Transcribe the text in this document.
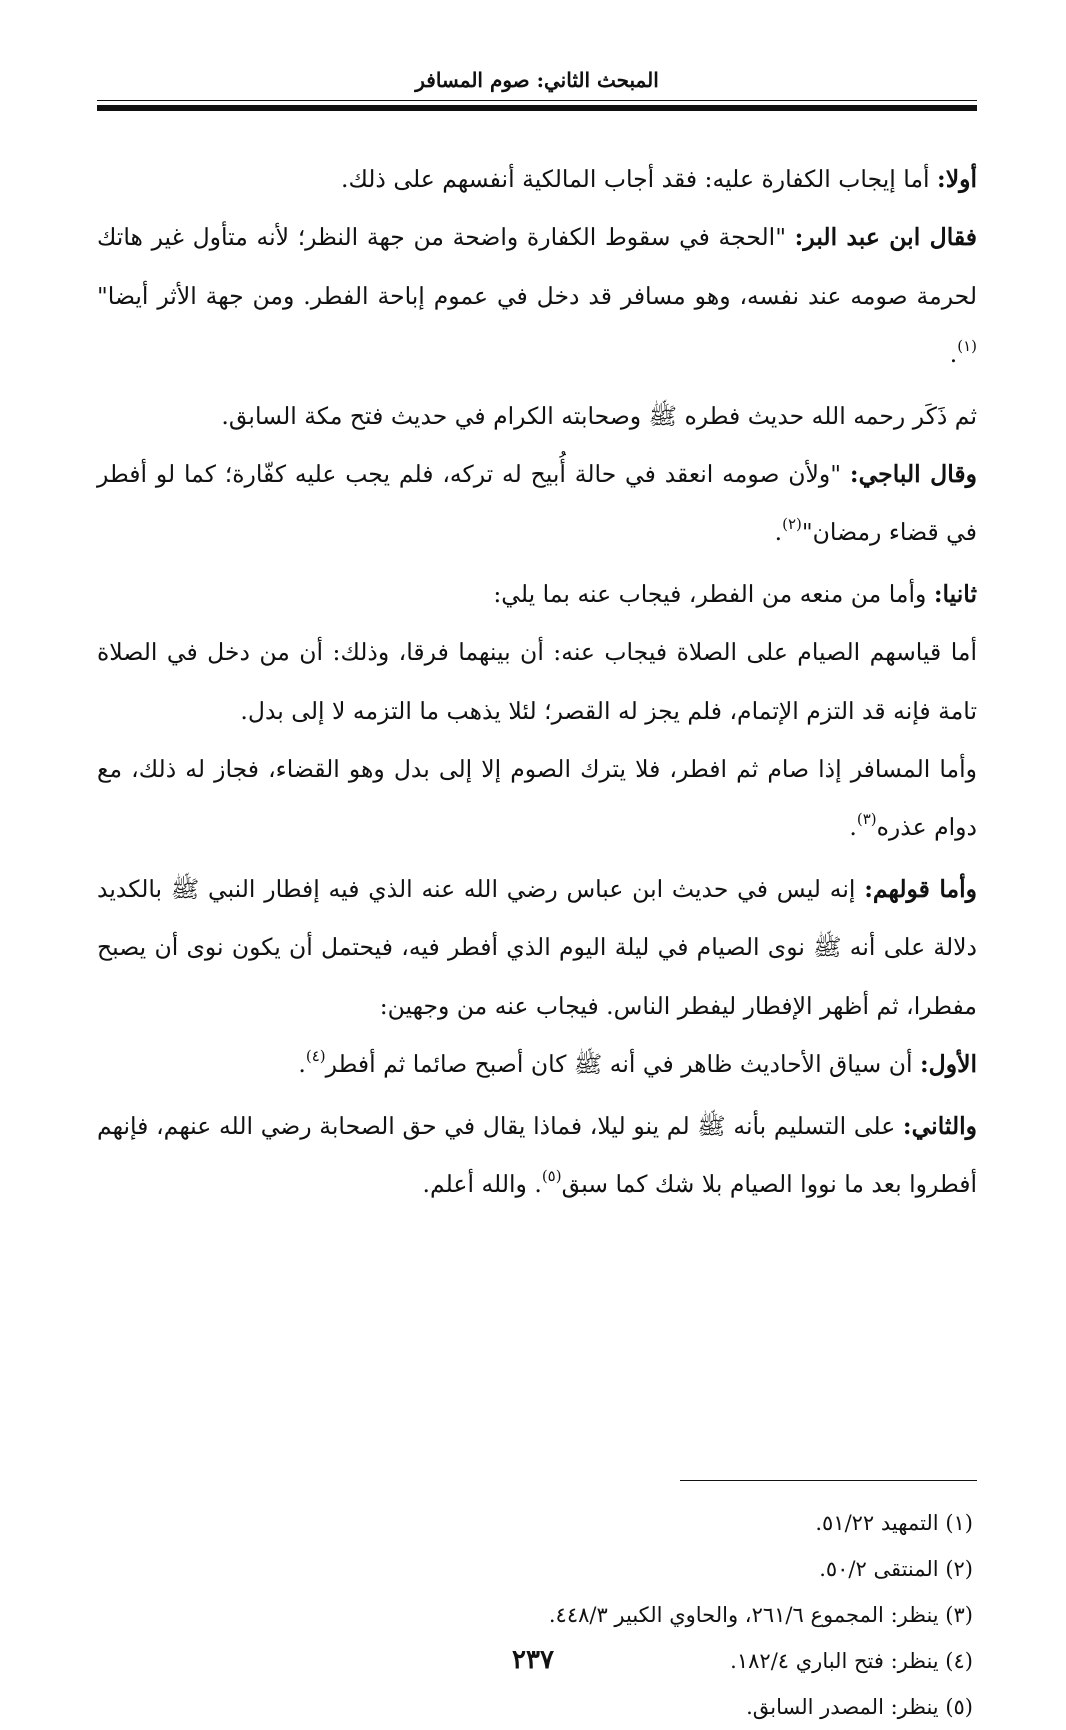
المبحث الثاني: صوم المسافر

أولا: أما إيجاب الكفارة عليه: فقد أجاب المالكية أنفسهم على ذلك.

فقال ابن عبد البر: "الحجة في سقوط الكفارة واضحة من جهة النظر؛ لأنه متأول غير هاتك لحرمة صومه عند نفسه، وهو مسافر قد دخل في عموم إباحة الفطر. ومن جهة الأثر أيضا"$^{(١)}$.

ثم ذَكَر رحمه الله حديث فطره ﷺ وصحابته الكرام في حديث فتح مكة السابق.

وقال الباجي: "ولأن صومه انعقد في حالة أُبيح له تركه، فلم يجب عليه كفّارة؛ كما لو أفطر في قضاء رمضان"$^{(٢)}$.

ثانيا: وأما من منعه من الفطر، فيجاب عنه بما يلي:

أما قياسهم الصيام على الصلاة فيجاب عنه: أن بينهما فرقا، وذلك: أن من دخل في الصلاة تامة فإنه قد التزم الإتمام، فلم يجز له القصر؛ لئلا يذهب ما التزمه لا إلى بدل.

وأما المسافر إذا صام ثم افطر، فلا يترك الصوم إلا إلى بدل وهو القضاء، فجاز له ذلك، مع دوام عذره$^{(٣)}$.

وأما قولهم: إنه ليس في حديث ابن عباس رضي الله عنه الذي فيه إفطار النبي ﷺ بالكديد دلالة على أنه ﷺ نوى الصيام في ليلة اليوم الذي أفطر فيه، فيحتمل أن يكون نوى أن يصبح مفطرا، ثم أظهر الإفطار ليفطر الناس. فيجاب عنه من وجهين:

الأول: أن سياق الأحاديث ظاهر في أنه ﷺ كان أصبح صائما ثم أفطر$^{(٤)}$.

والثاني: على التسليم بأنه ﷺ لم ينو ليلا، فماذا يقال في حق الصحابة رضي الله عنهم، فإنهم أفطروا بعد ما نووا الصيام بلا شك كما سبق$^{(٥)}$. والله أعلم.

(١) التمهيد ٥١/٢٢.
(٢) المنتقى ٥٠/٢.
(٣) ينظر: المجموع ٢٦١/٦، والحاوي الكبير ٤٤٨/٣.
(٤) ينظر: فتح الباري ١٨٢/٤.
(٥) ينظر: المصدر السابق.
٢٣٧
